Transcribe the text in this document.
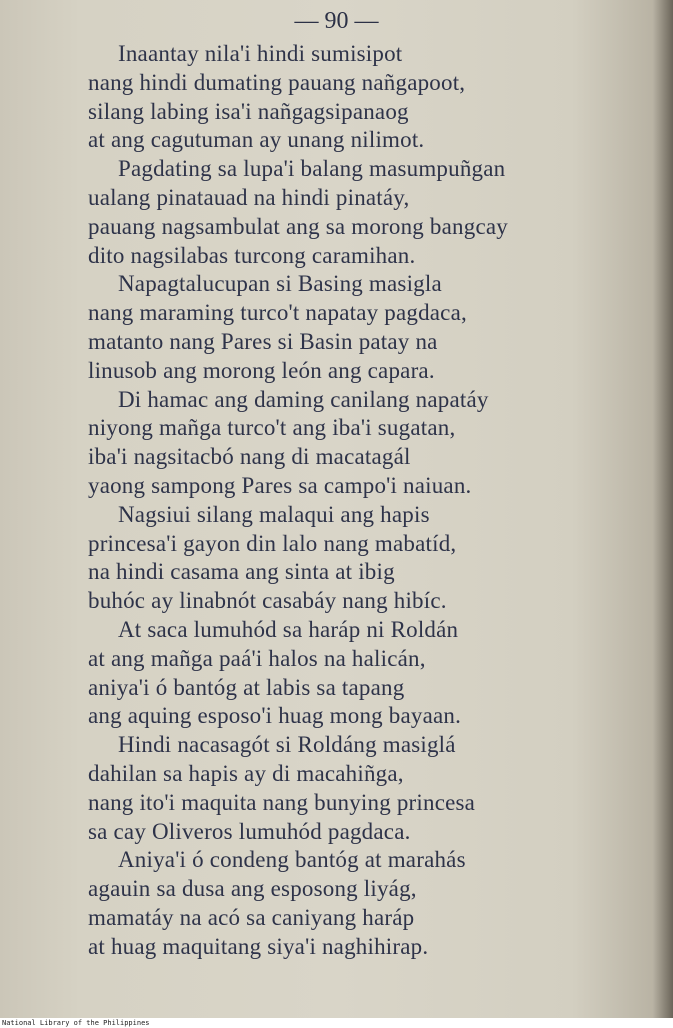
— 90 —
Inaantay nila'i hindi sumisipot
nang hindi dumating pauang nañgapoot,
silang labing isa'i nañgagsipanaog
at ang cagutuman ay unang nilimot.
Pagdating sa lupa'i balang masumpuñgan
ualang pinatauad na hindi pinatáy,
pauang nagsambulat ang sa morong bangcay
dito nagsilabas turcong caramihan.
Napagtalucupan si Basing masigla
nang maraming turco't napatay pagdaca,
matanto nang Pares si Basin patay na
linusob ang morong león ang capara.
Di hamac ang daming canilang napatáy
niyong mañga turco't ang iba'i sugatan,
iba'i nagsitacbó nang di macatagál
yaong sampong Pares sa campo'i naiuan.
Nagsiui silang malaqui ang hapis
princesa'i gayon din lalo nang mabatíd,
na hindi casama ang sinta at ibig
buhóc ay linabnót casabáy nang hibíc.
At saca lumuhód sa haráp ni Roldán
at ang mañga paá'i halos na halicán,
aniya'i ó bantóg at labis sa tapang
ang aquing esposo'i huag mong bayaan.
Hindi nacasagót si Roldáng masiglá
dahilan sa hapis ay di macahiñga,
nang ito'i maquita nang bunying princesa
sa cay Oliveros lumuhód pagdaca.
Aniya'i ó condeng bantóg at marahás
agauin sa dusa ang esposong liyág,
mamatáy na acó sa caniyang haráp
at huag maquitang siya'i naghihirap.
National Library of the Philippines
